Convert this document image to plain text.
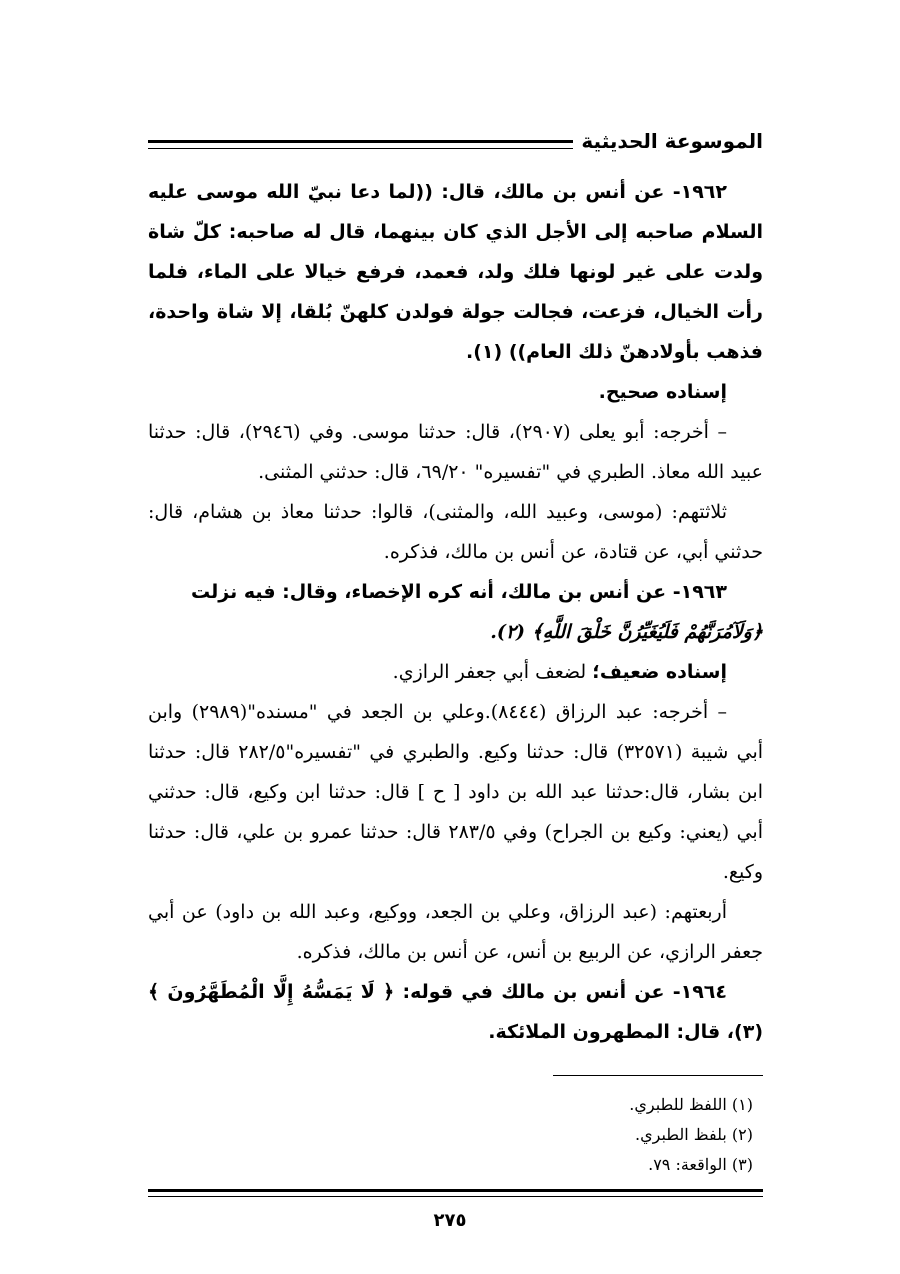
الموسوعة الحديثية

١٩٦٢- عن أنس بن مالك، قال: ((لما دعا نبيّ الله موسى عليه السلام صاحبه إلى الأجل الذي كان بينهما، قال له صاحبه: كلّ شاة ولدت على غير لونها فلك ولد، فعمد، فرفع خيالا على الماء، فلما رأت الخيال، فزعت، فجالت جولة فولدن كلهنّ بُلقا، إلا شاة واحدة، فذهب بأولادهنّ ذلك العام)) (١).

إسناده صحيح.

– أخرجه: أبو يعلى (٢٩٠٧)، قال: حدثنا موسى. وفي (٢٩٤٦)، قال: حدثنا عبيد الله معاذ. الطبري في "تفسيره" ٦٩/٢٠، قال: حدثني المثنى.

ثلاثتهم: (موسى، وعبيد الله، والمثنى)، قالوا: حدثنا معاذ بن هشام، قال: حدثني أبي، عن قتادة، عن أنس بن مالك، فذكره.

١٩٦٣- عن أنس بن مالك، أنه كره الإخصاء، وقال: فيه نزلت

﴿وَلَآمُرَنَّهُمْ فَلَيُغَيِّرُنَّ خَلْقَ اللَّهِ﴾ (٢).

إسناده ضعيف؛ لضعف أبي جعفر الرازي.

– أخرجه: عبد الرزاق (٨٤٤٤).وعلي بن الجعد في "مسنده"(٢٩٨٩) وابن أبي شيبة (٣٢٥٧١) قال: حدثنا وكيع. والطبري في "تفسيره"٢٨٢/٥ قال: حدثنا ابن بشار، قال:حدثنا عبد الله بن داود [ ح ] قال: حدثنا ابن وكيع، قال: حدثني أبي (يعني: وكيع بن الجراح) وفي ٢٨٣/٥ قال: حدثنا عمرو بن علي، قال: حدثنا وكيع.

أربعتهم: (عبد الرزاق، وعلي بن الجعد، ووكيع، وعبد الله بن داود) عن أبي جعفر الرازي، عن الربيع بن أنس، عن أنس بن مالك، فذكره.

١٩٦٤- عن أنس بن مالك في قوله: ﴿ لَا يَمَسُّهُ إِلَّا الْمُطَهَّرُونَ ﴾(٣)، قال: المطهرون الملائكة.

(١) اللفظ للطبري.

(٢) بلفظ الطبري.

(٣) الواقعة: ٧٩.

٢٧٥
